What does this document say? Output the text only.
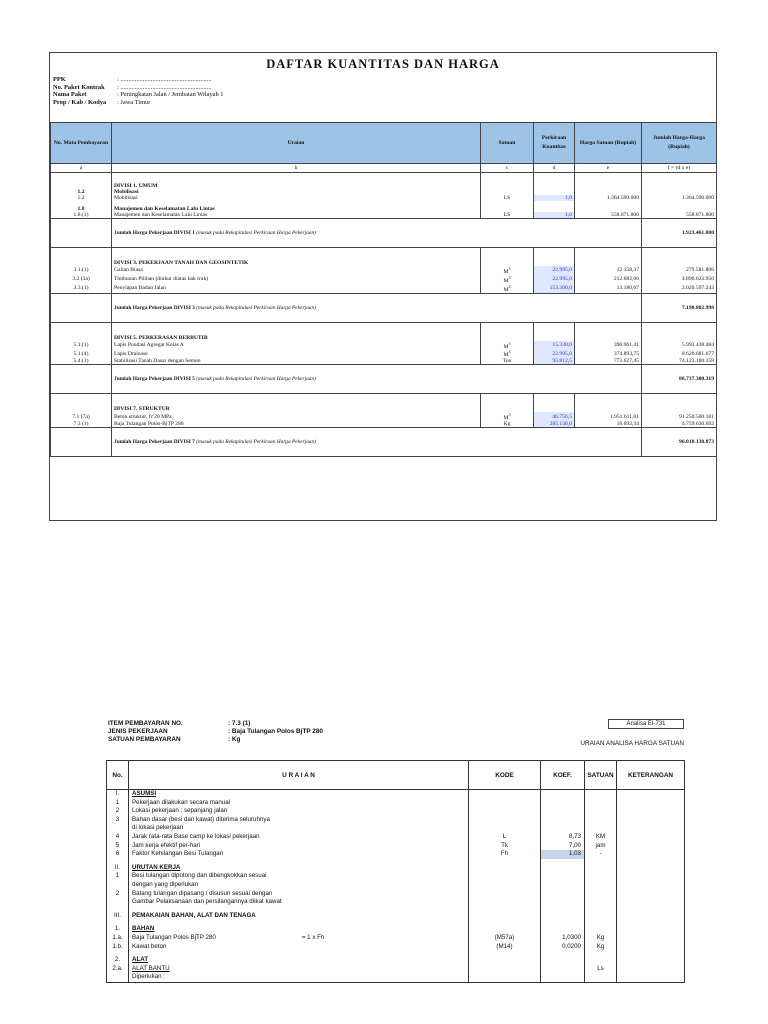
DAFTAR KUANTITAS DAN HARGA
PPK	: .........................................................
No. Paket Kontrak	: .........................................................
Nama Paket	: Peningkatan Jalan / Jembatan Wilayah 1
Prop / Kab / Kodya	: Jawa Timur
No. Mata Pembayaran	Uraian	Satuan	Perkiraan Kuantitas	Harga Satuan (Rupiah)	Jumlah Harga-Harga (Rupiah)
a	b	c	d	e	f = (d x e)

	DIVISI 1. UMUM				
1.2	Mobilisasi				
1.2	Mobilisasi	LS	1,0	1.364.590.000	1.364.590.000

1.8	Manajemen dan Keselamatan Lalu Lintas				
1.8.(1)	Manajemen dan Keselamatan Lalu Lintas	LS	1,0	558.871.800	558.871.800
	Jumlah Harga Pekerjaan DIVISI 1 (masuk pada Rekapitulasi Perkiraan Harga Pekerjaan)				1.923.461.800

	DIVISI 3. PEKERJAAN TANAH DAN GEOSINTETIK				
3.1.(1)	Galian Biasa	$M^3$	22.995,0	12.158,37	279.581.806
3.2.(3a)	Timbunan Pilihan (diukur diatas bak truk)	$M^3$	22.995,0	212.682,06	4.890.623.950
3.3.(1)	Penyiapan Badan Jalan	$M^2$	153.300,0	13.180,67	2.020.597.243
	Jumlah Harga Pekerjaan DIVISI 3 (masuk pada Rekapitulasi Perkiraan Harga Pekerjaan)				7.190.802.998

	DIVISI 5. PERKERASAN BERBUTIR				
5.1.(1)	Lapis Pondasi Agregat Kelas A	$M^3$	15.330,0	390.961,41	5.993.438.484
5.1.(4)	Lapis Drainase	$M^3$	22.995,0	374.893,75	8.620.681.677
5.4.(1)	Stabilisasi Tanah Dasar dengan Semen	Ton	95.812,5	773.627,45	74.123.180.158
	Jumlah Harga Pekerjaan DIVISI 5 (masuk pada Rekapitulasi Perkiraan Harga Pekerjaan)				88.737.300.319

	DIVISI 7. STRUKTUR				
7.1 (7a)	Beton struktur, fc'20 MPa	$M^3$	46.756,5	1.951.611,01	91.250.500.181
7.3 (1)	Baja Tulangan Polos-BjTP 280	Kg	285.138,0	16.692,34	4.759.630.692
	Jumlah Harga Pekerjaan DIVISI 7 (masuk pada Rekapitulasi Perkiraan Harga Pekerjaan)				96.010.130.873
ITEM PEMBAYARAN NO.	: 7.3 (1)
JENIS PEKERJAAN	: Baja Tulangan Polos BjTP 280
SATUAN PEMBAYARAN	: Kg
Analisa EI-731
URAIAN ANALISA HARGA SATUAN
No.	U R A I A N	KODE	KOEF.	SATUAN	KETERANGAN
I.	ASUMSI				
1	Pekerjaan dilakukan secara manual				
2	Lokasi pekerjaan : sepanjang jalan				
3	Bahan dasar (besi dan kawat) diterima seluruhnya				
	di lokasi pekerjaan				
4	Jarak rata-rata Base camp ke lokasi pekerjaan	L	8,73	KM	
5	Jam kerja efektif per-hari	Tk	7,00	jam	
6	Faktor Kehilangan Besi Tulangan	Fh	1,03	-	

II.	URUTAN KERJA				
1	Besi tulangan dipotong dan dibengkokkan sesuai				
	dengan yang diperlukan				
2	Batang tulangan dipasang / disusun sesuai dengan				
	Gambar Pelaksanaan dan persilangannya diikat kawat				

III.	PEMAKAIAN BAHAN, ALAT DAN TENAGA				

1.	BAHAN				
1.a.	Baja Tulangan Polos BjTP 280 = 1 x Fh	(M57a)	1,0300	Kg	
1.b.	Kawat beton	(M14)	0,0200	Kg	

2.	ALAT				
2.a.	ALAT BANTU			Ls	
	Diperlukan :				
